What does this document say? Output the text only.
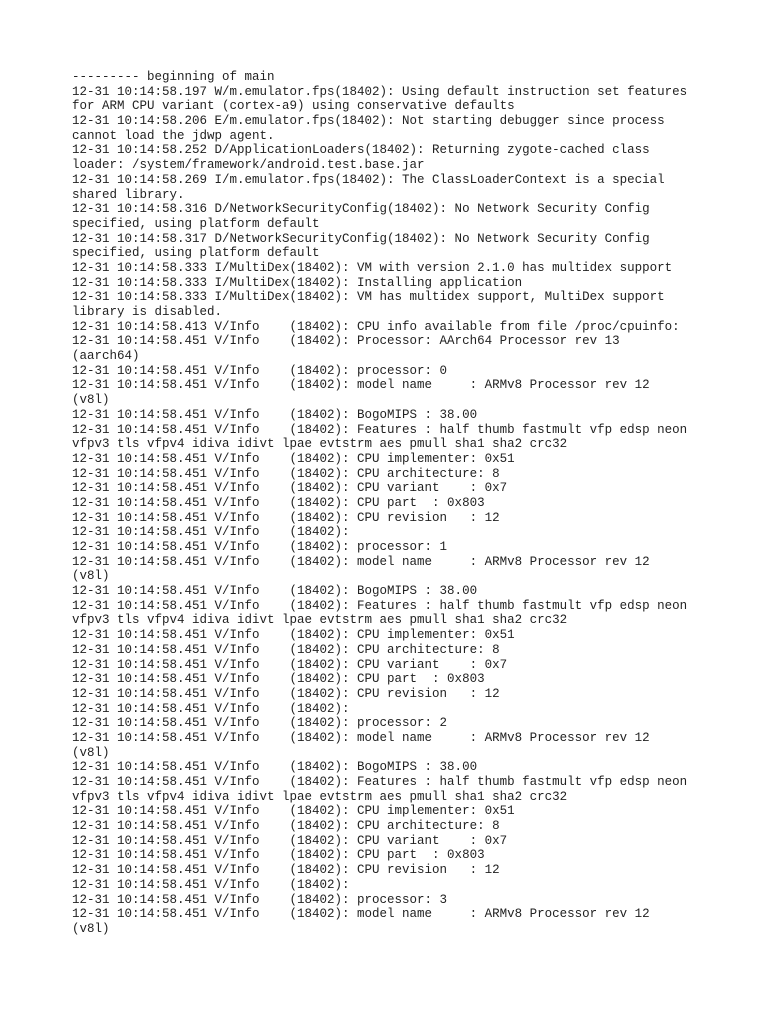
--------- beginning of main
12-31 10:14:58.197 W/m.emulator.fps(18402): Using default instruction set features
for ARM CPU variant (cortex-a9) using conservative defaults
12-31 10:14:58.206 E/m.emulator.fps(18402): Not starting debugger since process
cannot load the jdwp agent.
12-31 10:14:58.252 D/ApplicationLoaders(18402): Returning zygote-cached class
loader: /system/framework/android.test.base.jar
12-31 10:14:58.269 I/m.emulator.fps(18402): The ClassLoaderContext is a special
shared library.
12-31 10:14:58.316 D/NetworkSecurityConfig(18402): No Network Security Config
specified, using platform default
12-31 10:14:58.317 D/NetworkSecurityConfig(18402): No Network Security Config
specified, using platform default
12-31 10:14:58.333 I/MultiDex(18402): VM with version 2.1.0 has multidex support
12-31 10:14:58.333 I/MultiDex(18402): Installing application
12-31 10:14:58.333 I/MultiDex(18402): VM has multidex support, MultiDex support
library is disabled.
12-31 10:14:58.413 V/Info    (18402): CPU info available from file /proc/cpuinfo:
12-31 10:14:58.451 V/Info    (18402): Processor: AArch64 Processor rev 13
(aarch64)
12-31 10:14:58.451 V/Info    (18402): processor: 0
12-31 10:14:58.451 V/Info    (18402): model name     : ARMv8 Processor rev 12
(v8l)
12-31 10:14:58.451 V/Info    (18402): BogoMIPS : 38.00
12-31 10:14:58.451 V/Info    (18402): Features : half thumb fastmult vfp edsp neon
vfpv3 tls vfpv4 idiva idivt lpae evtstrm aes pmull sha1 sha2 crc32
12-31 10:14:58.451 V/Info    (18402): CPU implementer: 0x51
12-31 10:14:58.451 V/Info    (18402): CPU architecture: 8
12-31 10:14:58.451 V/Info    (18402): CPU variant    : 0x7
12-31 10:14:58.451 V/Info    (18402): CPU part  : 0x803
12-31 10:14:58.451 V/Info    (18402): CPU revision   : 12
12-31 10:14:58.451 V/Info    (18402):
12-31 10:14:58.451 V/Info    (18402): processor: 1
12-31 10:14:58.451 V/Info    (18402): model name     : ARMv8 Processor rev 12
(v8l)
12-31 10:14:58.451 V/Info    (18402): BogoMIPS : 38.00
12-31 10:14:58.451 V/Info    (18402): Features : half thumb fastmult vfp edsp neon
vfpv3 tls vfpv4 idiva idivt lpae evtstrm aes pmull sha1 sha2 crc32
12-31 10:14:58.451 V/Info    (18402): CPU implementer: 0x51
12-31 10:14:58.451 V/Info    (18402): CPU architecture: 8
12-31 10:14:58.451 V/Info    (18402): CPU variant    : 0x7
12-31 10:14:58.451 V/Info    (18402): CPU part  : 0x803
12-31 10:14:58.451 V/Info    (18402): CPU revision   : 12
12-31 10:14:58.451 V/Info    (18402):
12-31 10:14:58.451 V/Info    (18402): processor: 2
12-31 10:14:58.451 V/Info    (18402): model name     : ARMv8 Processor rev 12
(v8l)
12-31 10:14:58.451 V/Info    (18402): BogoMIPS : 38.00
12-31 10:14:58.451 V/Info    (18402): Features : half thumb fastmult vfp edsp neon
vfpv3 tls vfpv4 idiva idivt lpae evtstrm aes pmull sha1 sha2 crc32
12-31 10:14:58.451 V/Info    (18402): CPU implementer: 0x51
12-31 10:14:58.451 V/Info    (18402): CPU architecture: 8
12-31 10:14:58.451 V/Info    (18402): CPU variant    : 0x7
12-31 10:14:58.451 V/Info    (18402): CPU part  : 0x803
12-31 10:14:58.451 V/Info    (18402): CPU revision   : 12
12-31 10:14:58.451 V/Info    (18402):
12-31 10:14:58.451 V/Info    (18402): processor: 3
12-31 10:14:58.451 V/Info    (18402): model name     : ARMv8 Processor rev 12
(v8l)
